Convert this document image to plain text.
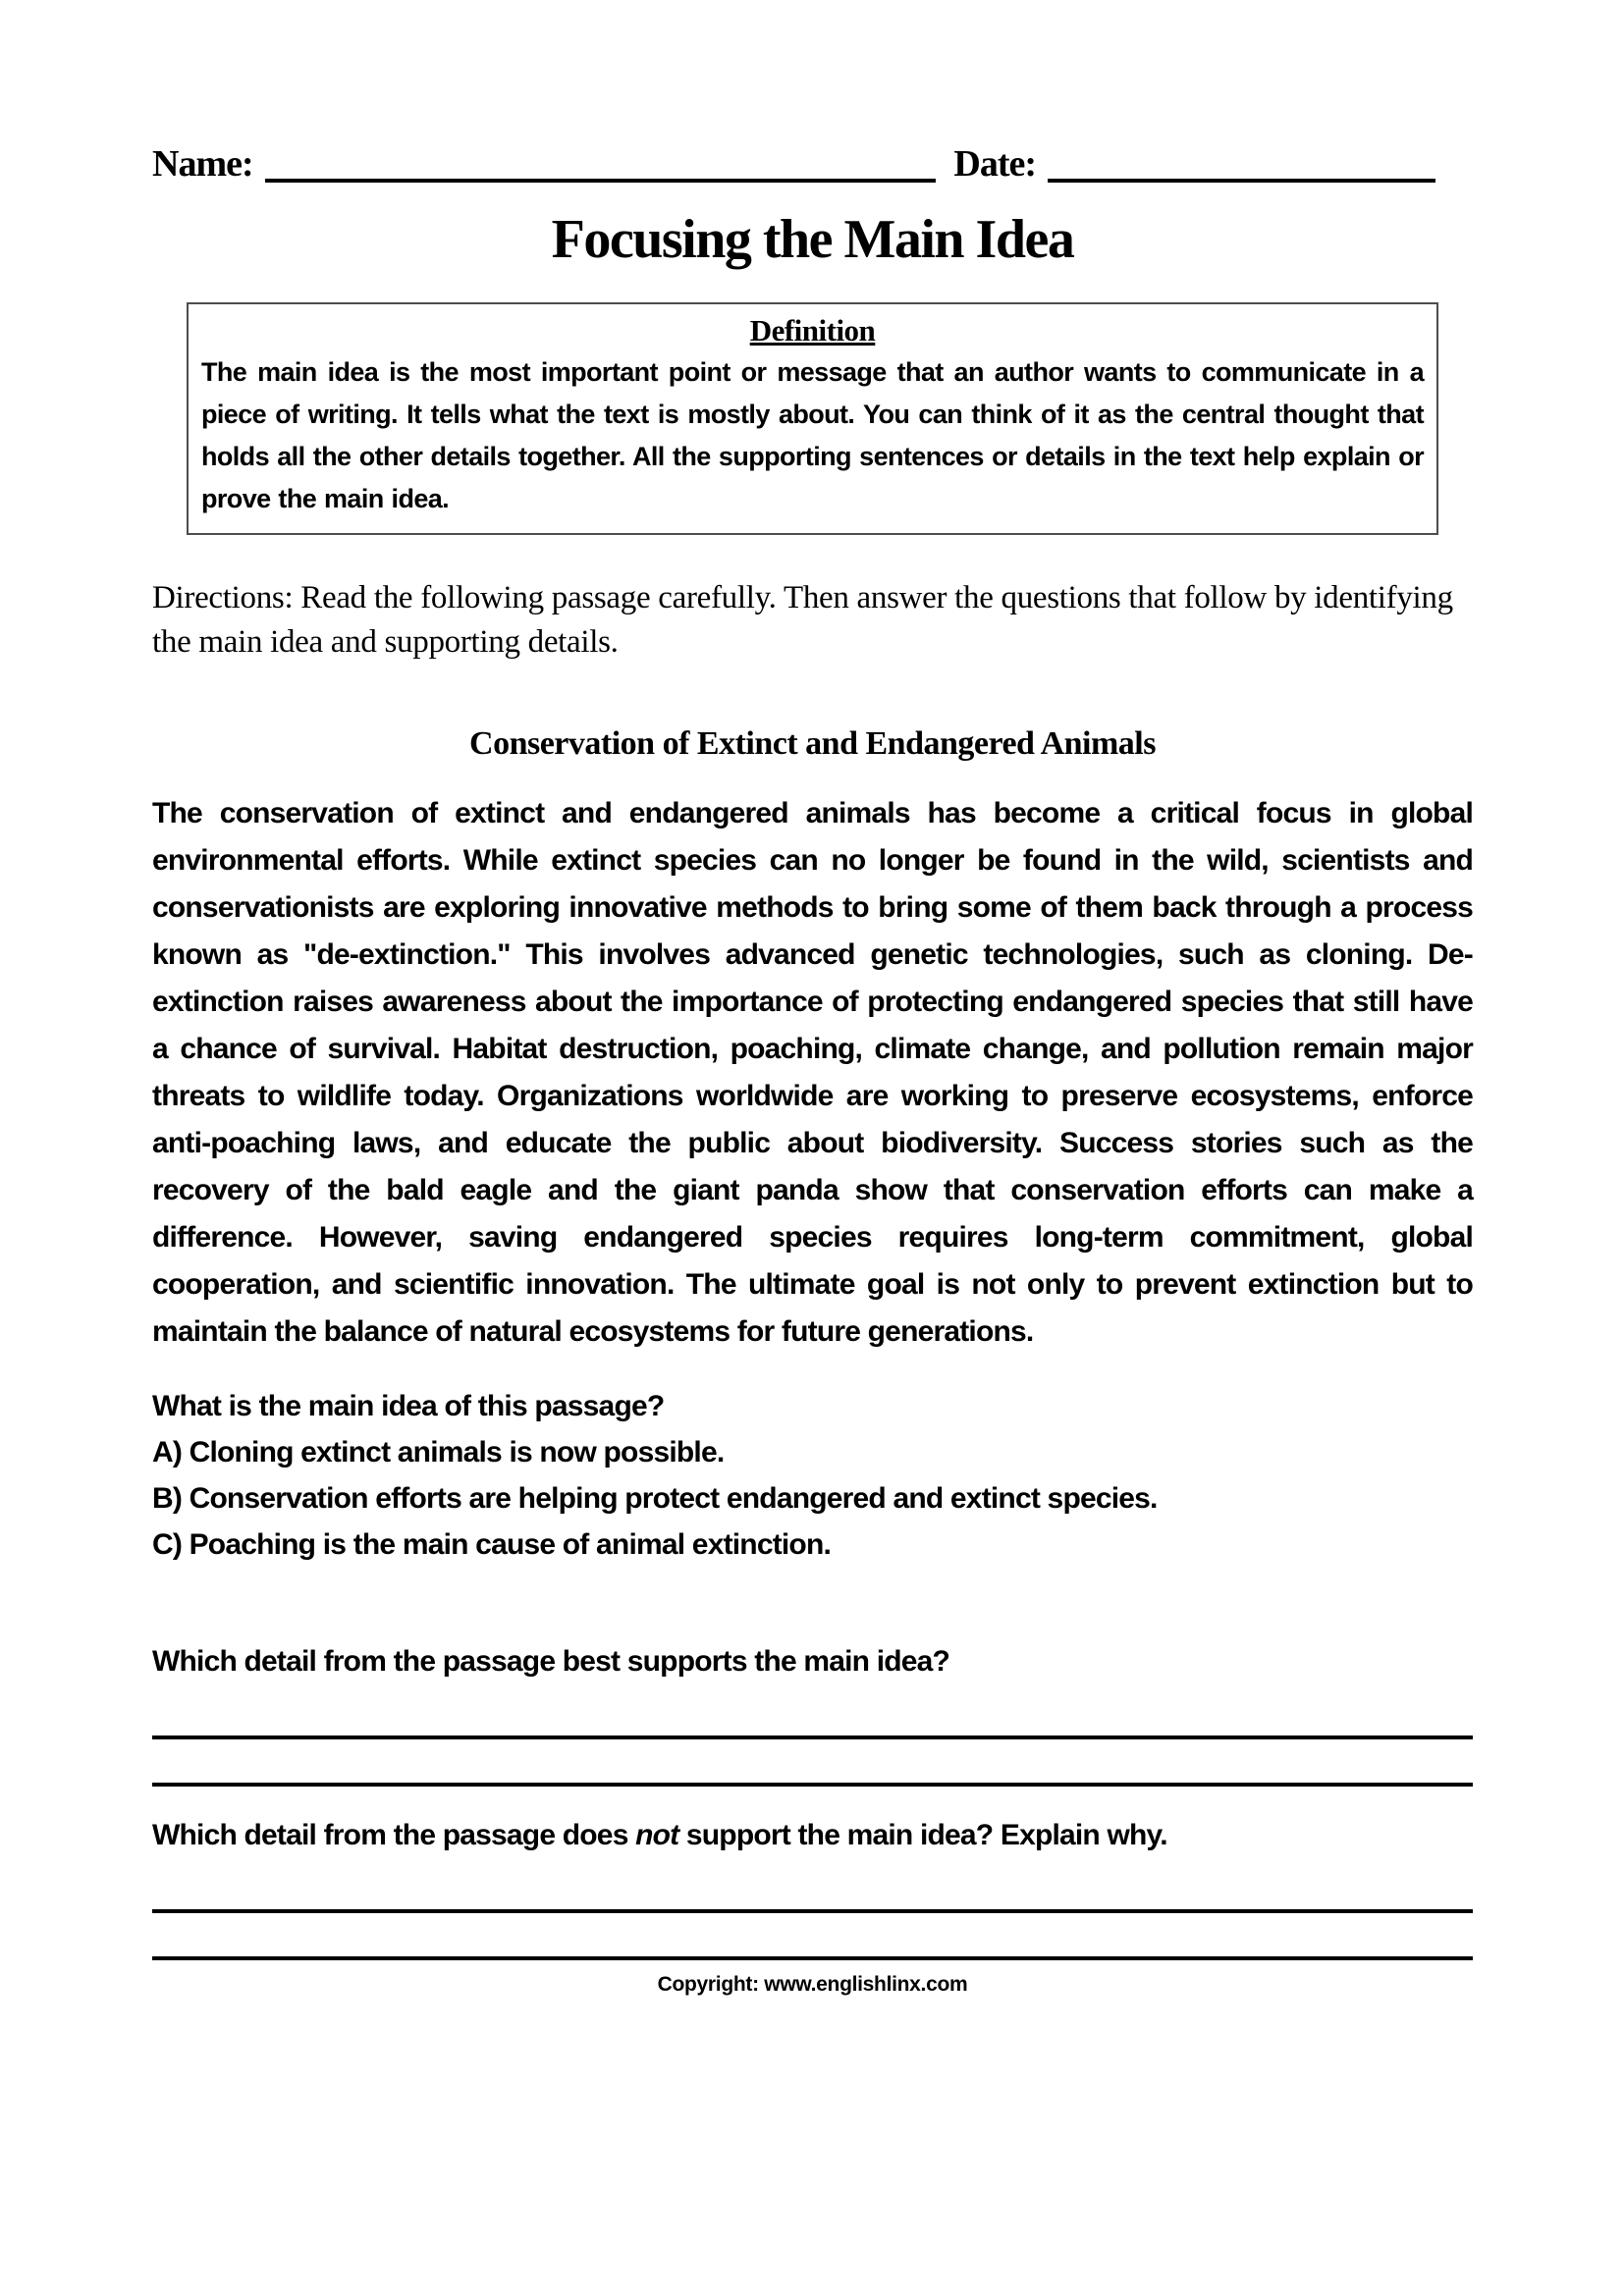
Name:	Date:
Focusing the Main Idea
Definition
The main idea is the most important point or message that an author wants to communicate in a piece of writing. It tells what the text is mostly about. You can think of it as the central thought that holds all the other details together. All the supporting sentences or details in the text help explain or prove the main idea.
Directions: Read the following passage carefully. Then answer the questions that follow by identifying the main idea and supporting details.
Conservation of Extinct and Endangered Animals
The conservation of extinct and endangered animals has become a critical focus in global environmental efforts. While extinct species can no longer be found in the wild, scientists and conservationists are exploring innovative methods to bring some of them back through a process known as "de-extinction." This involves advanced genetic technologies, such as cloning. De-extinction raises awareness about the importance of protecting endangered species that still have a chance of survival. Habitat destruction, poaching, climate change, and pollution remain major threats to wildlife today. Organizations worldwide are working to preserve ecosystems, enforce anti-poaching laws, and educate the public about biodiversity. Success stories such as the recovery of the bald eagle and the giant panda show that conservation efforts can make a difference. However, saving endangered species requires long-term commitment, global cooperation, and scientific innovation. The ultimate goal is not only to prevent extinction but to maintain the balance of natural ecosystems for future generations.
What is the main idea of this passage?
A) Cloning extinct animals is now possible.
B) Conservation efforts are helping protect endangered and extinct species.
C) Poaching is the main cause of animal extinction.
Which detail from the passage best supports the main idea?
Which detail from the passage does not support the main idea? Explain why.
Copyright: www.englishlinx.com
